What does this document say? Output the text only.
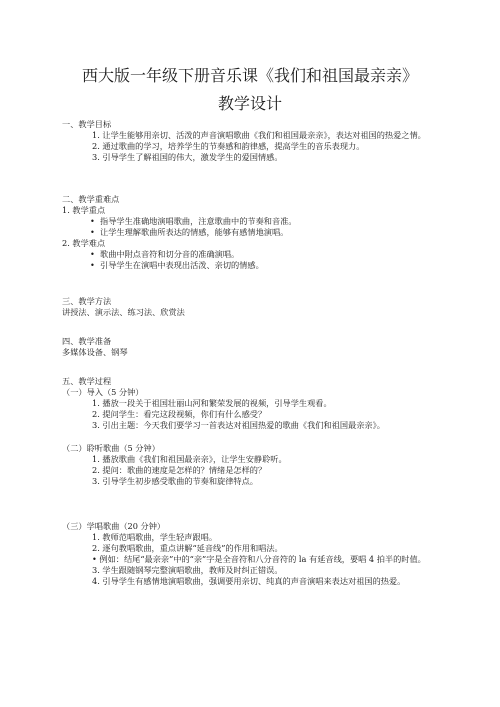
西大版一年级下册音乐课《我们和祖国最亲亲》
教学设计
一、教学目标
1. 让学生能够用亲切、活泼的声音演唱歌曲《我们和祖国最亲亲》，表达对祖国的热爱之情。
2. 通过歌曲的学习，培养学生的节奏感和韵律感，提高学生的音乐表现力。
3. 引导学生了解祖国的伟大，激发学生的爱国情感。
二、教学重难点
1. 教学重点
• 指导学生准确地演唱歌曲，注意歌曲中的节奏和音准。
• 让学生理解歌曲所表达的情感，能够有感情地演唱。
2. 教学难点
• 歌曲中附点音符和切分音的准确演唱。
• 引导学生在演唱中表现出活泼、亲切的情感。
三、教学方法
讲授法、演示法、练习法、欣赏法
四、教学准备
多媒体设备、钢琴
五、教学过程
（一）导入（5 分钟）
1. 播放一段关于祖国壮丽山河和繁荣发展的视频，引导学生观看。
2. 提问学生：看完这段视频，你们有什么感受？
3. 引出主题：今天我们要学习一首表达对祖国热爱的歌曲《我们和祖国最亲亲》。
（二）聆听歌曲（5 分钟）
1. 播放歌曲《我们和祖国最亲亲》，让学生安静聆听。
2. 提问：歌曲的速度是怎样的？情绪是怎样的？
3. 引导学生初步感受歌曲的节奏和旋律特点。
（三）学唱歌曲（20 分钟）
1. 教师范唱歌曲，学生轻声跟唱。
2. 逐句教唱歌曲，重点讲解“延音线”的作用和唱法。
• 例如：结尾“最亲亲”中的“亲”字是全音符和八分音符的 la 有延音线，要唱 4 拍半的时值。
3. 学生跟随钢琴完整演唱歌曲，教师及时纠正错误。
4. 引导学生有感情地演唱歌曲，强调要用亲切、纯真的声音演唱来表达对祖国的热爱。
